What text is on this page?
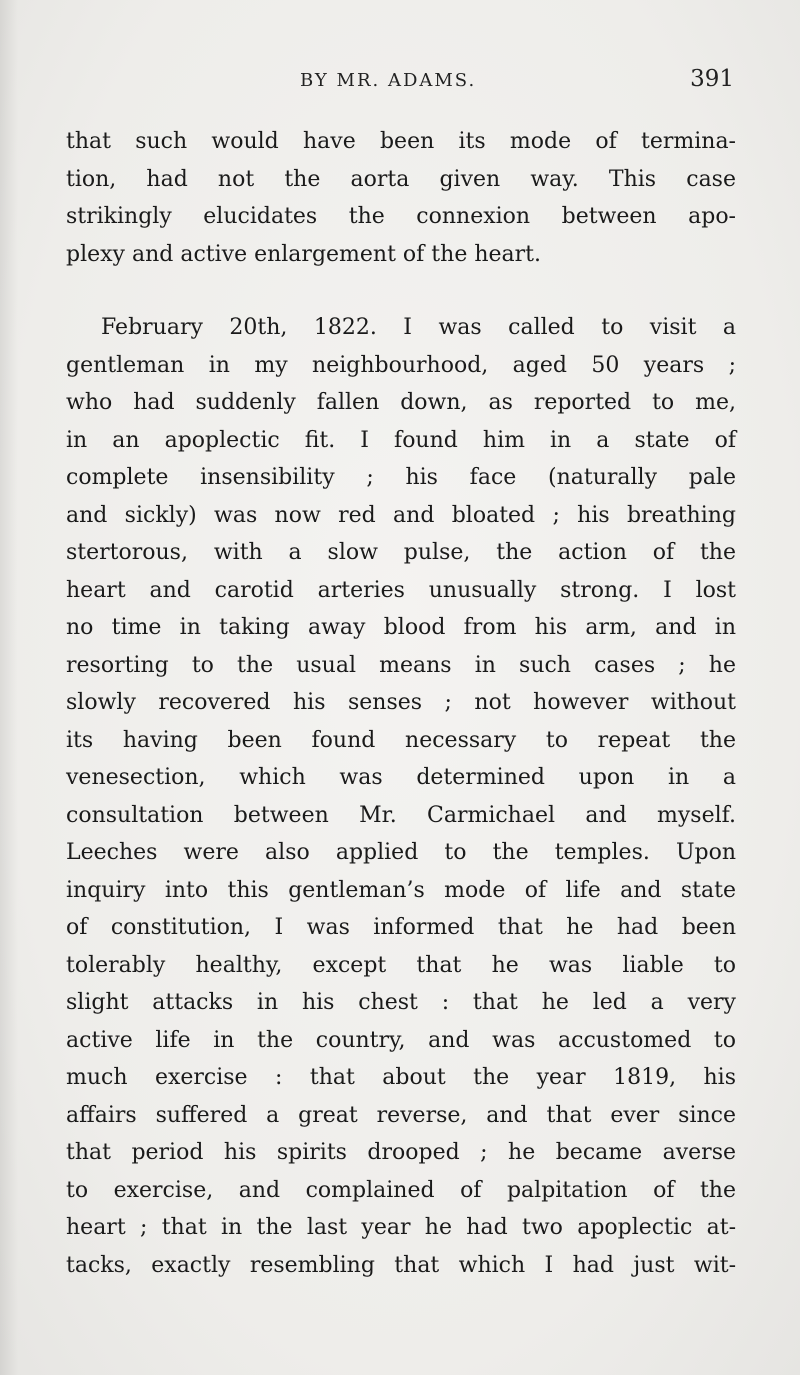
BY MR. ADAMS.	391
that such would have been its mode of termina-
tion, had not the aorta given way. This case
strikingly elucidates the connexion between apo-
plexy and active enlargement of the heart.
February 20th, 1822. I was called to visit a
gentleman in my neighbourhood, aged 50 years ;
who had suddenly fallen down, as reported to me,
in an apoplectic fit. I found him in a state of
complete insensibility ; his face (naturally pale
and sickly) was now red and bloated ; his breathing
stertorous, with a slow pulse, the action of the
heart and carotid arteries unusually strong. I lost
no time in taking away blood from his arm, and in
resorting to the usual means in such cases ; he
slowly recovered his senses ; not however without
its having been found necessary to repeat the
venesection, which was determined upon in a
consultation between Mr. Carmichael and myself.
Leeches were also applied to the temples. Upon
inquiry into this gentleman’s mode of life and state
of constitution, I was informed that he had been
tolerably healthy, except that he was liable to
slight attacks in his chest : that he led a very
active life in the country, and was accustomed to
much exercise : that about the year 1819, his
affairs suffered a great reverse, and that ever since
that period his spirits drooped ; he became averse
to exercise, and complained of palpitation of the
heart ; that in the last year he had two apoplectic at-
tacks, exactly resembling that which I had just wit-
